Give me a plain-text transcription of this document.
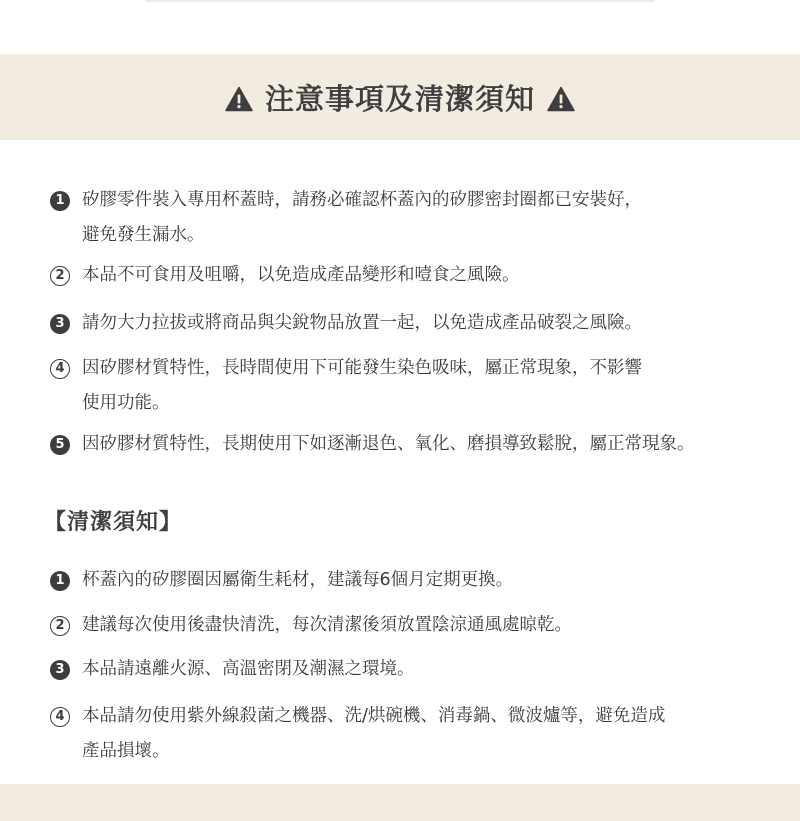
注意事項及清潔須知
1 矽膠零件裝入專用杯蓋時，請務必確認杯蓋內的矽膠密封圈都已安裝好，
避免發生漏水。
2 本品不可食用及咀嚼，以免造成產品變形和噎食之風險。
3 請勿大力拉拔或將商品與尖銳物品放置一起，以免造成產品破裂之風險。
4 因矽膠材質特性，長時間使用下可能發生染色吸味，屬正常現象，不影響
使用功能。
5 因矽膠材質特性，長期使用下如逐漸退色、氧化、磨損導致鬆脫，屬正常現象。
【清潔須知】
1 杯蓋內的矽膠圈因屬衛生耗材，建議每6個月定期更換。
2 建議每次使用後盡快清洗，每次清潔後須放置陰涼通風處晾乾。
3 本品請遠離火源、高溫密閉及潮濕之環境。
4 本品請勿使用紫外線殺菌之機器、洗/烘碗機、消毒鍋、微波爐等，避免造成
產品損壞。
